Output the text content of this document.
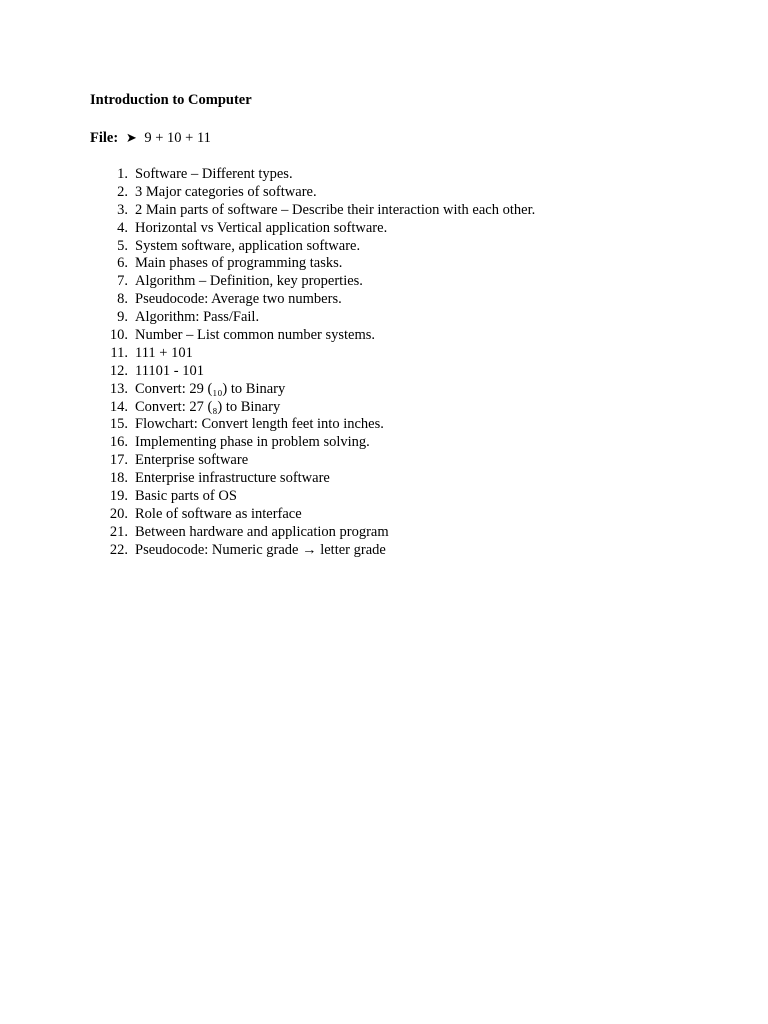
Introduction to Computer
File: ➤ 9 + 10 + 11
1. Software – Different types.
2. 3 Major categories of software.
3. 2 Main parts of software – Describe their interaction with each other.
4. Horizontal vs Vertical application software.
5. System software, application software.
6. Main phases of programming tasks.
7. Algorithm – Definition, key properties.
8. Pseudocode: Average two numbers.
9. Algorithm: Pass/Fail.
10. Number – List common number systems.
11. 111 + 101
12. 11101 - 101
13. Convert: 29 (₁₀) to Binary
14. Convert: 27 (₈) to Binary
15. Flowchart: Convert length feet into inches.
16. Implementing phase in problem solving.
17. Enterprise software
18. Enterprise infrastructure software
19. Basic parts of OS
20. Role of software as interface
21. Between hardware and application program
22. Pseudocode: Numeric grade → letter grade
